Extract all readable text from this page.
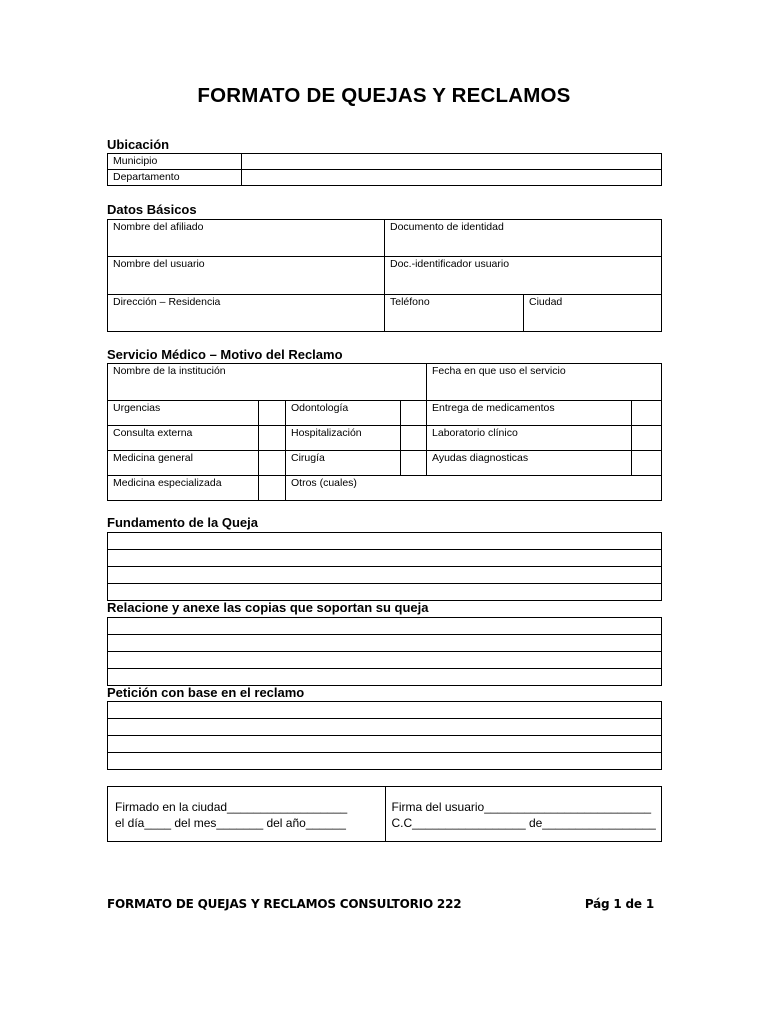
FORMATO DE QUEJAS Y RECLAMOS
Ubicación
Municipio	
Departamento	
Datos Básicos
Nombre del afiliado	Documento de identidad	
Nombre del usuario	Doc.-identificador usuario	
Dirección – Residencia	Teléfono	Ciudad
Servicio Médico – Motivo del Reclamo
Nombre de la institución				Fecha en que uso el servicio	
Urgencias		Odontología		Entrega de medicamentos	
Consulta externa		Hospitalización		Laboratorio clínico	
Medicina general		Cirugía		Ayudas diagnosticas	
Medicina especializada		Otros (cuales)			
Fundamento de la Queja

Relacione y anexe las copias que soportan su queja

Petición con base en el reclamo

Firmado en la ciudad__________________
el día____ del mes_______ del año______
Firma del usuario_________________________
C.C_________________ de_________________
FORMATO DE QUEJAS Y RECLAMOS CONSULTORIO 222	Pág 1 de 1
